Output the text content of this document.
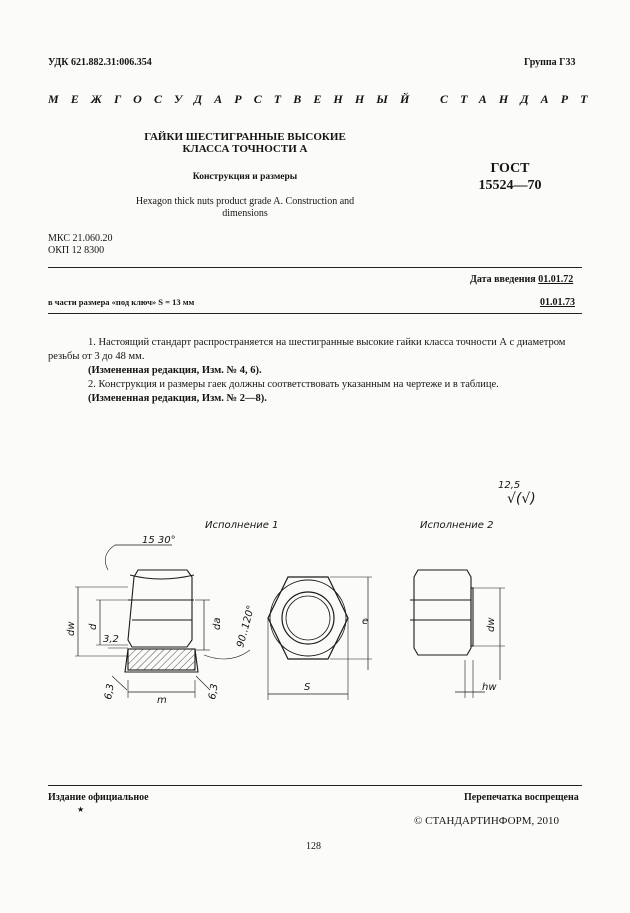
УДК 621.882.31:006.354	Группа Г33

МЕЖГОСУДАРСТВЕННЫЙ СТАНДАРТ

ГАЙКИ ШЕСТИГРАННЫЕ ВЫСОКИЕ КЛАССА ТОЧНОСТИ А

Конструкция и размеры

Hexagon thick nuts product grade A. Construction and dimensions

ГОСТ

15524—70

МКС 21.060.20
ОКП 12 8300

Дата введения 01.01.72

в части размера «под ключ» S = 13 мм	01.01.73

1. Настоящий стандарт распространяется на шестигранные высокие гайки класса точности А с диаметром резьбы от 3 до 48 мм.

(Измененная редакция, Изм. № 4, 6).

2. Конструкция и размеры гаек должны соответствовать указанным на чертеже и в таблице.

(Измененная редакция, Изм. № 2—8).

12,5
√(√)
Исполнение 1	Исполнение 2
15 30°
dw d	da 90..120°
3,2
6,3	6,3
m
e
S
dw
hw

Издание официальное

★

Перепечатка воспрещена

© СТАНДАРТИНФОРМ, 2010

128
